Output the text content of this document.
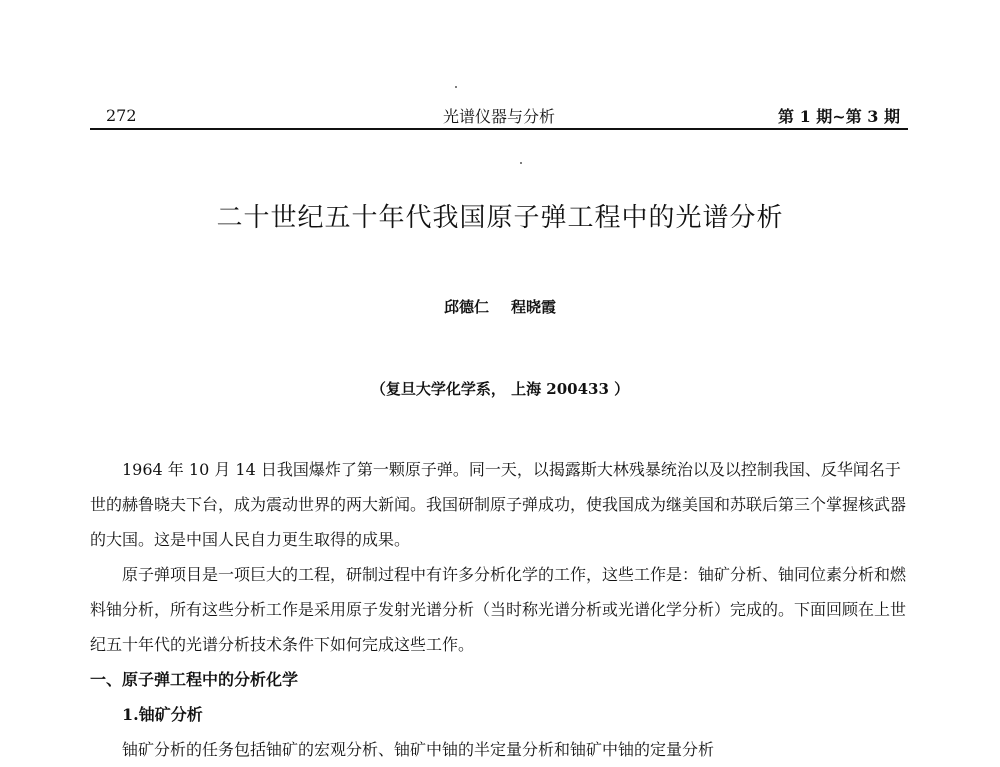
272	光谱仪器与分析	第 1 期~第 3 期
二十世纪五十年代我国原子弹工程中的光谱分析
邱德仁 程晓霞
（复旦大学化学系， 上海 200433 ）

1964 年 10 月 14 日我国爆炸了第一颗原子弹。同一天，以揭露斯大林残暴统治以及以控制我国、反华闻名于世的赫鲁晓夫下台，成为震动世界的两大新闻。我国研制原子弹成功，使我国成为继美国和苏联后第三个掌握核武器的大国。这是中国人民自力更生取得的成果。

原子弹项目是一项巨大的工程，研制过程中有许多分析化学的工作，这些工作是：铀矿分析、铀同位素分析和燃料铀分析，所有这些分析工作是采用原子发射光谱分析（当时称光谱分析或光谱化学分析）完成的。下面回顾在上世纪五十年代的光谱分析技术条件下如何完成这些工作。

一、原子弹工程中的分析化学
1.铀矿分析

铀矿分析的任务包括铀矿的宏观分析、铀矿中铀的半定量分析和铀矿中铀的定量分析
